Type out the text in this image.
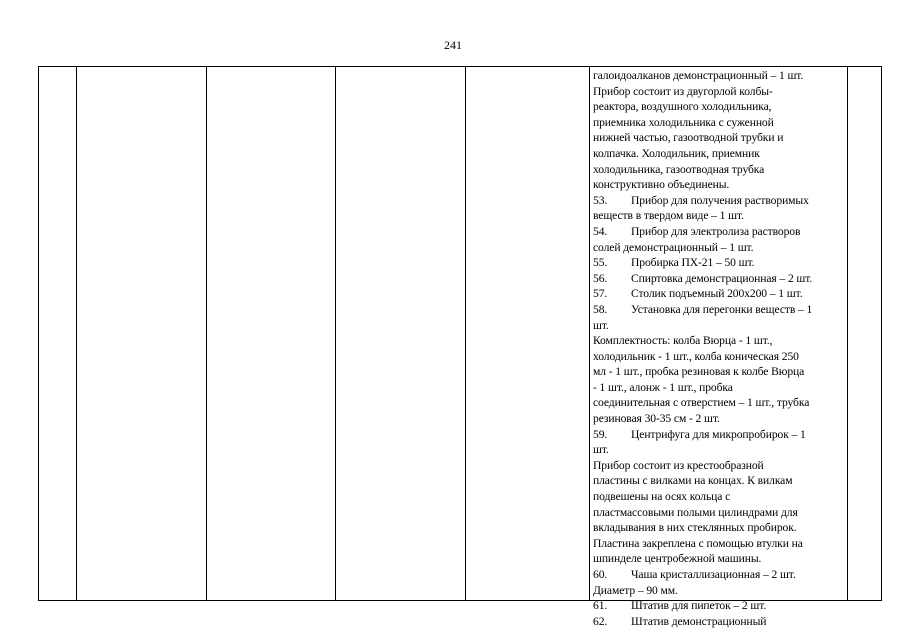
241
галоидоалканов демонстрационный – 1 шт.
Прибор состоит из двугорлой колбы-
реактора, воздушного холодильника,
приемника холодильника с суженной
нижней частью, газоотводной трубки и
колпачка. Холодильник, приемник
холодильника, газоотводная трубка
конструктивно объединены.
53. Прибор для получения растворимых
веществ в твердом виде – 1 шт.
54. Прибор для электролиза растворов
солей демонстрационный – 1 шт.
55. Пробирка ПХ-21 – 50 шт.
56. Спиртовка демонстрационная – 2 шт.
57. Столик подъемный 200х200 – 1 шт.
58. Установка для перегонки веществ – 1
шт.
Комплектность: колба Вюрца - 1 шт.,
холодильник - 1 шт., колба коническая 250
мл - 1 шт., пробка резиновая к колбе Вюрца
- 1 шт., алонж - 1 шт., пробка
соединительная с отверстием – 1 шт., трубка
резиновая 30-35 см - 2 шт.
59. Центрифуга для микропробирок – 1
шт.
Прибор состоит из крестообразной
пластины с вилками на концах. К вилкам
подвешены на осях кольца с
пластмассовыми полыми цилиндрами для
вкладывания в них стеклянных пробирок.
Пластина закреплена с помощью втулки на
шпинделе центробежной машины.
60. Чаша кристаллизационная – 2 шт.
Диаметр – 90 мм.
61. Штатив для пипеток – 2 шт.
62. Штатив демонстрационный
